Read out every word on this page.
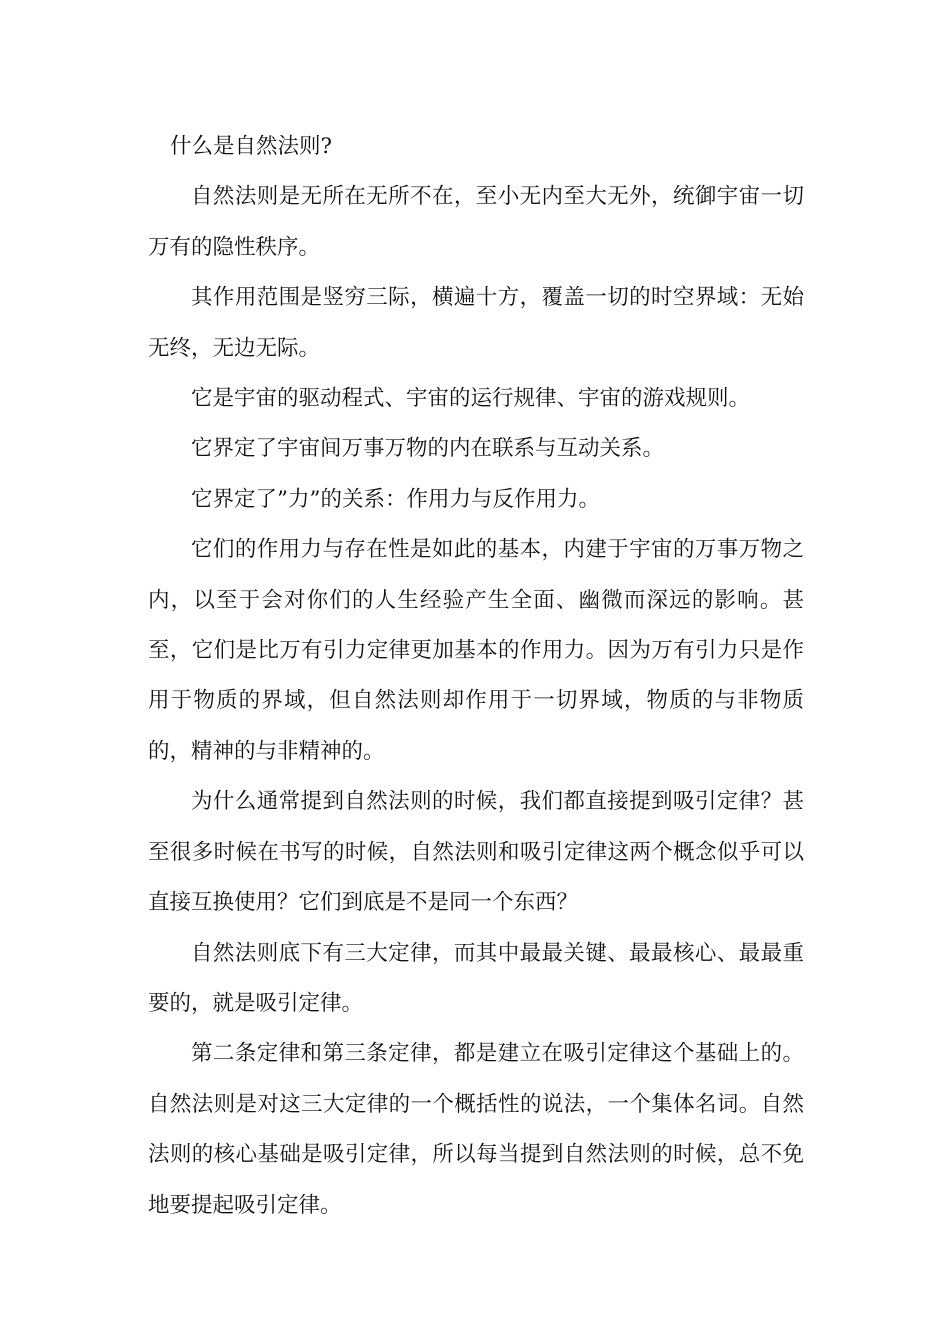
什么是自然法则?

自然法则是无所在无所不在，至小无内至大无外，统御宇宙一切万有的隐性秩序。

其作用范围是竖穷三际，横遍十方，覆盖一切的时空界域：无始无终，无边无际。

它是宇宙的驱动程式、宇宙的运行规律、宇宙的游戏规则。

它界定了宇宙间万事万物的内在联系与互动关系。

它界定了”力”的关系：作用力与反作用力。

它们的作用力与存在性是如此的基本，内建于宇宙的万事万物之内，以至于会对你们的人生经验产生全面、幽微而深远的影响。甚至，它们是比万有引力定律更加基本的作用力。因为万有引力只是作用于物质的界域，但自然法则却作用于一切界域，物质的与非物质的，精神的与非精神的。

为什么通常提到自然法则的时候，我们都直接提到吸引定律？甚至很多时候在书写的时候，自然法则和吸引定律这两个概念似乎可以直接互换使用？它们到底是不是同一个东西？

自然法则底下有三大定律，而其中最最关键、最最核心、最最重要的，就是吸引定律。

第二条定律和第三条定律，都是建立在吸引定律这个基础上的。自然法则是对这三大定律的一个概括性的说法，一个集体名词。自然法则的核心基础是吸引定律，所以每当提到自然法则的时候，总不免地要提起吸引定律。
